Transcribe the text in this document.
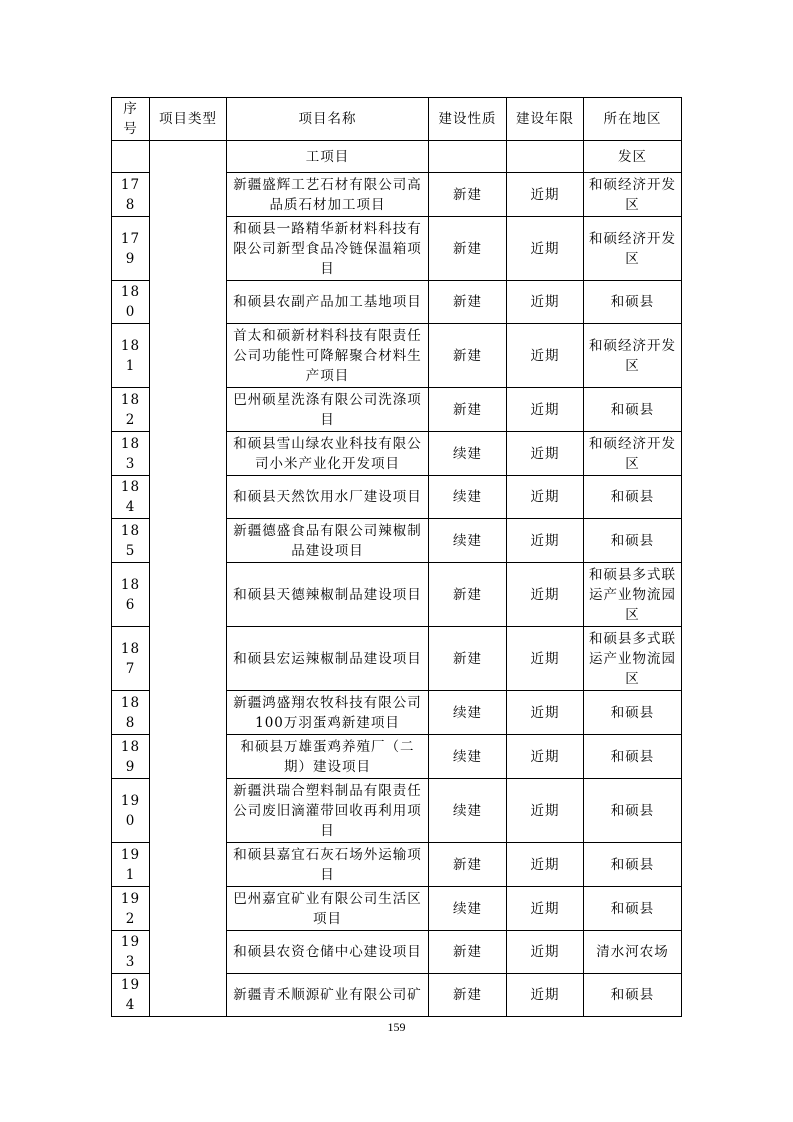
序号	项目类型	项目名称	建设性质	建设年限	所在地区
		工项目			发区
178		新疆盛辉工艺石材有限公司高品质石材加工项目	新建	近期	和硕经济开发区
179		和硕县一路精华新材料科技有限公司新型食品冷链保温箱项目	新建	近期	和硕经济开发区
180		和硕县农副产品加工基地项目	新建	近期	和硕县
181		首太和硕新材料科技有限责任公司功能性可降解聚合材料生产项目	新建	近期	和硕经济开发区
182		巴州硕星洗涤有限公司洗涤项目	新建	近期	和硕县
183		和硕县雪山绿农业科技有限公司小米产业化开发项目	续建	近期	和硕经济开发区
184		和硕县天然饮用水厂建设项目	续建	近期	和硕县
185		新疆德盛食品有限公司辣椒制品建设项目	续建	近期	和硕县
186		和硕县天德辣椒制品建设项目	新建	近期	和硕县多式联运产业物流园区
187		和硕县宏运辣椒制品建设项目	新建	近期	和硕县多式联运产业物流园区
188		新疆鸿盛翔农牧科技有限公司100万羽蛋鸡新建项目	续建	近期	和硕县
189		和硕县万雄蛋鸡养殖厂（二期）建设项目	续建	近期	和硕县
190		新疆洪瑞合塑料制品有限责任公司废旧滴灌带回收再利用项目	续建	近期	和硕县
191		和硕县嘉宜石灰石场外运输项目	新建	近期	和硕县
192		巴州嘉宜矿业有限公司生活区项目	续建	近期	和硕县
193		和硕县农资仓储中心建设项目	新建	近期	清水河农场
194		新疆青禾顺源矿业有限公司矿	新建	近期	和硕县
159
